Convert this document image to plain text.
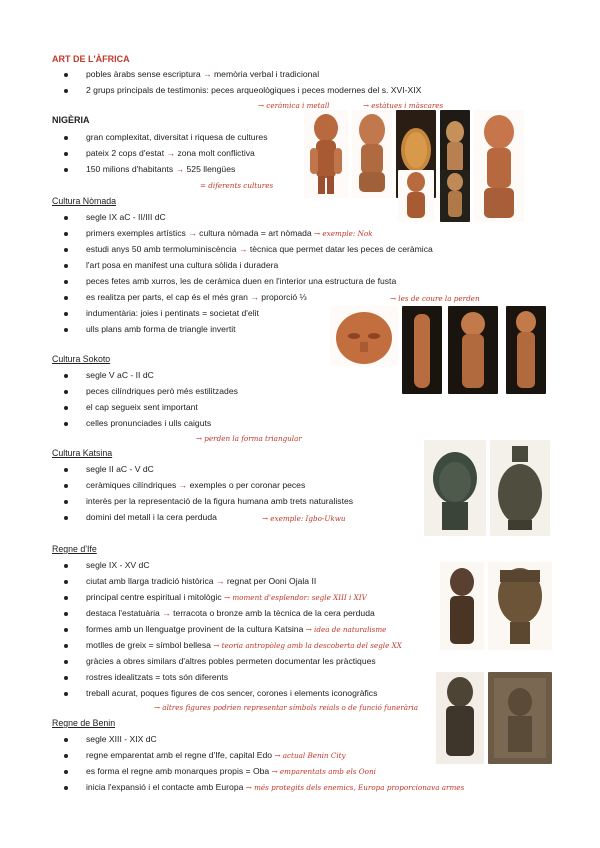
ART DE L'ÀFRICA
pobles àrabs sense escriptura → memòria verbal i tradicional
2 grups principals de testimonis: peces arqueològiques i peces modernes del s. XVI-XIX
→ ceràmica i metall	→ estàtues i màscares
NIGÈRIA
gran complexitat, diversitat i riquesa de cultures
pateix 2 cops d'estat → zona molt conflictiva
150 milions d'habitants → 525 llengües
= diferents cultures
Cultura Nòmada
segle IX aC - II/III dC
primers exemples artístics → cultura nòmada = art nòmada → exemple: Nok
estudi anys 50 amb termoluminiscència → tècnica que permet datar les peces de ceràmica
l'art posa en manifest una cultura sòlida i duradera
peces fetes amb xurros, les de ceràmica duen en l'interior una estructura de fusta
es realitza per parts, el cap és el més gran → proporció ⅓	→ les de coure la perden
indumentària: joies i pentinats = societat d'elit
ulls plans amb forma de triangle invertit
Cultura Sokoto
segle V aC - II dC
peces cilíndriques però més estilitzades
el cap segueix sent important
celles pronunciades i ulls caiguts
→ perden la forma triangular
Cultura Katsina
segle II aC - V dC
ceràmiques cilíndriques → exemples o per coronar peces
interès per la representació de la figura humana amb trets naturalistes
domini del metall i la cera perduda	→ exemple: Igbo-Ukwu
Regne d'Ife
segle IX - XV dC
ciutat amb llarga tradició històrica → regnat per Ooni Ojala II
principal centre espiritual i mitològic → moment d'esplendor: segle XIII i XIV
destaca l'estatuària → terracota o bronze amb la tècnica de la cera perduda
formes amb un llenguatge provinent de la cultura Katsina → idea de naturalisme
motlles de greix = símbol bellesa → teoria antropòleg amb la descoberta del segle XX
gràcies a obres similars d'altres pobles permeten documentar les pràctiques
rostres idealitzats = tots són diferents
treball acurat, poques figures de cos sencer, corones i elements iconogràfics
→ altres figures podrien representar símbols reials o de funció funerària
Regne de Benin
segle XIII - XIX dC
regne emparentat amb el regne d'Ife, capital Edo → actual Benin City
es forma el regne amb monarques propis = Oba → emparentats amb els Ooni
inicia l'expansió i el contacte amb Europa → més protegits dels enemics, Europa proporcionava armes
